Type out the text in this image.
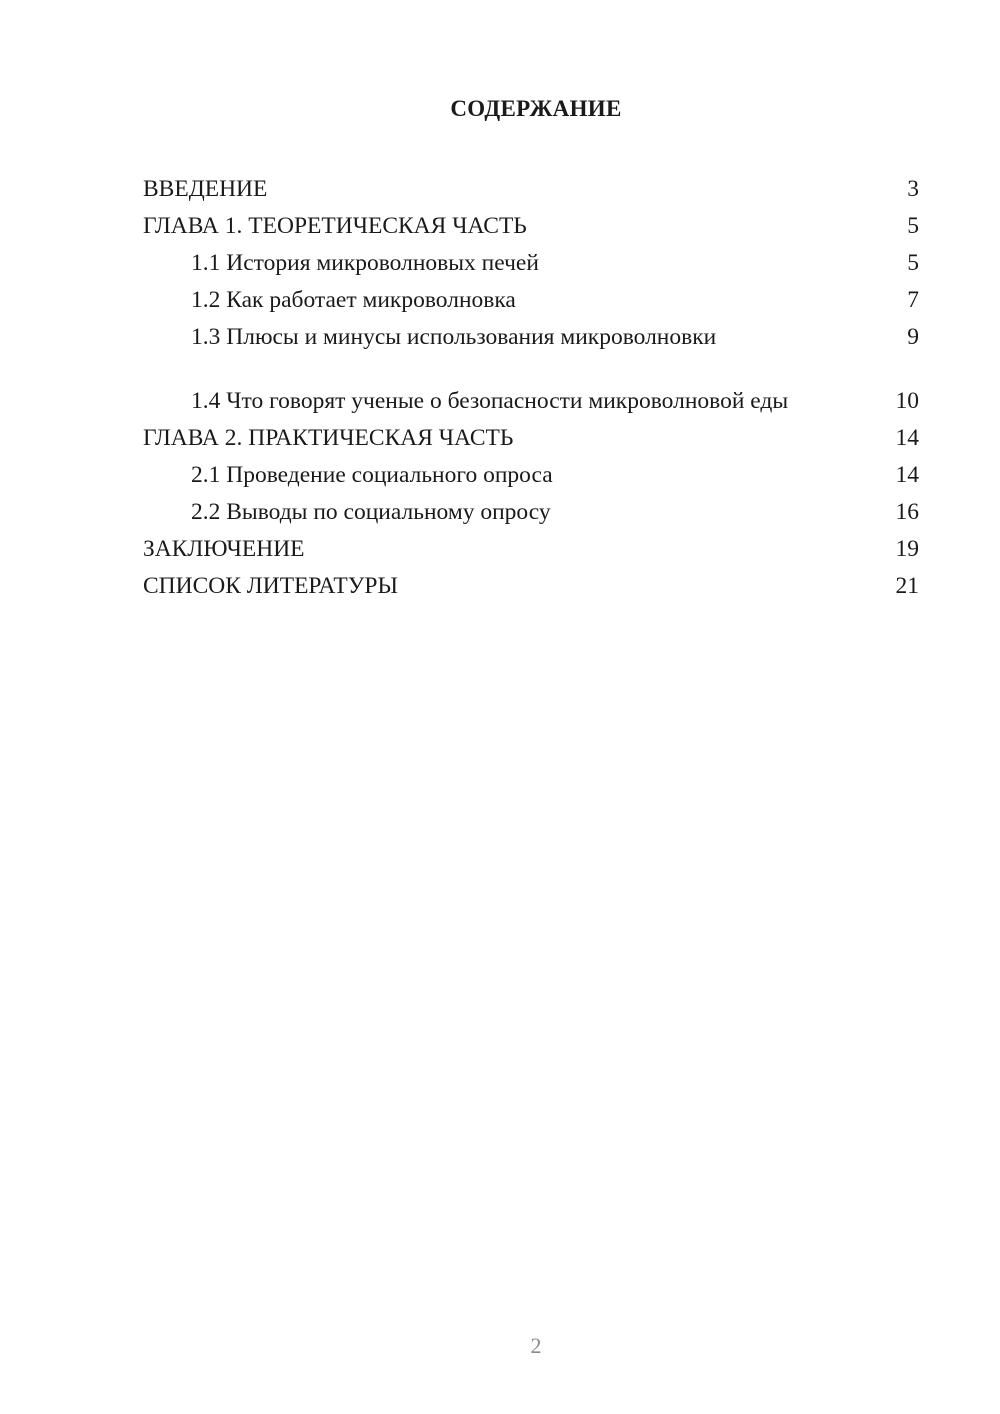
СОДЕРЖАНИЕ
ВВЕДЕНИЕ	3
ГЛАВА 1. ТЕОРЕТИЧЕСКАЯ ЧАСТЬ	5
1.1 История микроволновых печей	5
1.2 Как работает микроволновка	7
1.3 Плюсы и минусы использования микроволновки	9
1.4 Что говорят ученые о безопасности микроволновой еды	10
ГЛАВА 2. ПРАКТИЧЕСКАЯ ЧАСТЬ	14
2.1 Проведение социального опроса	14
2.2 Выводы по социальному опросу	16
ЗАКЛЮЧЕНИЕ	19
СПИСОК ЛИТЕРАТУРЫ	21
2
